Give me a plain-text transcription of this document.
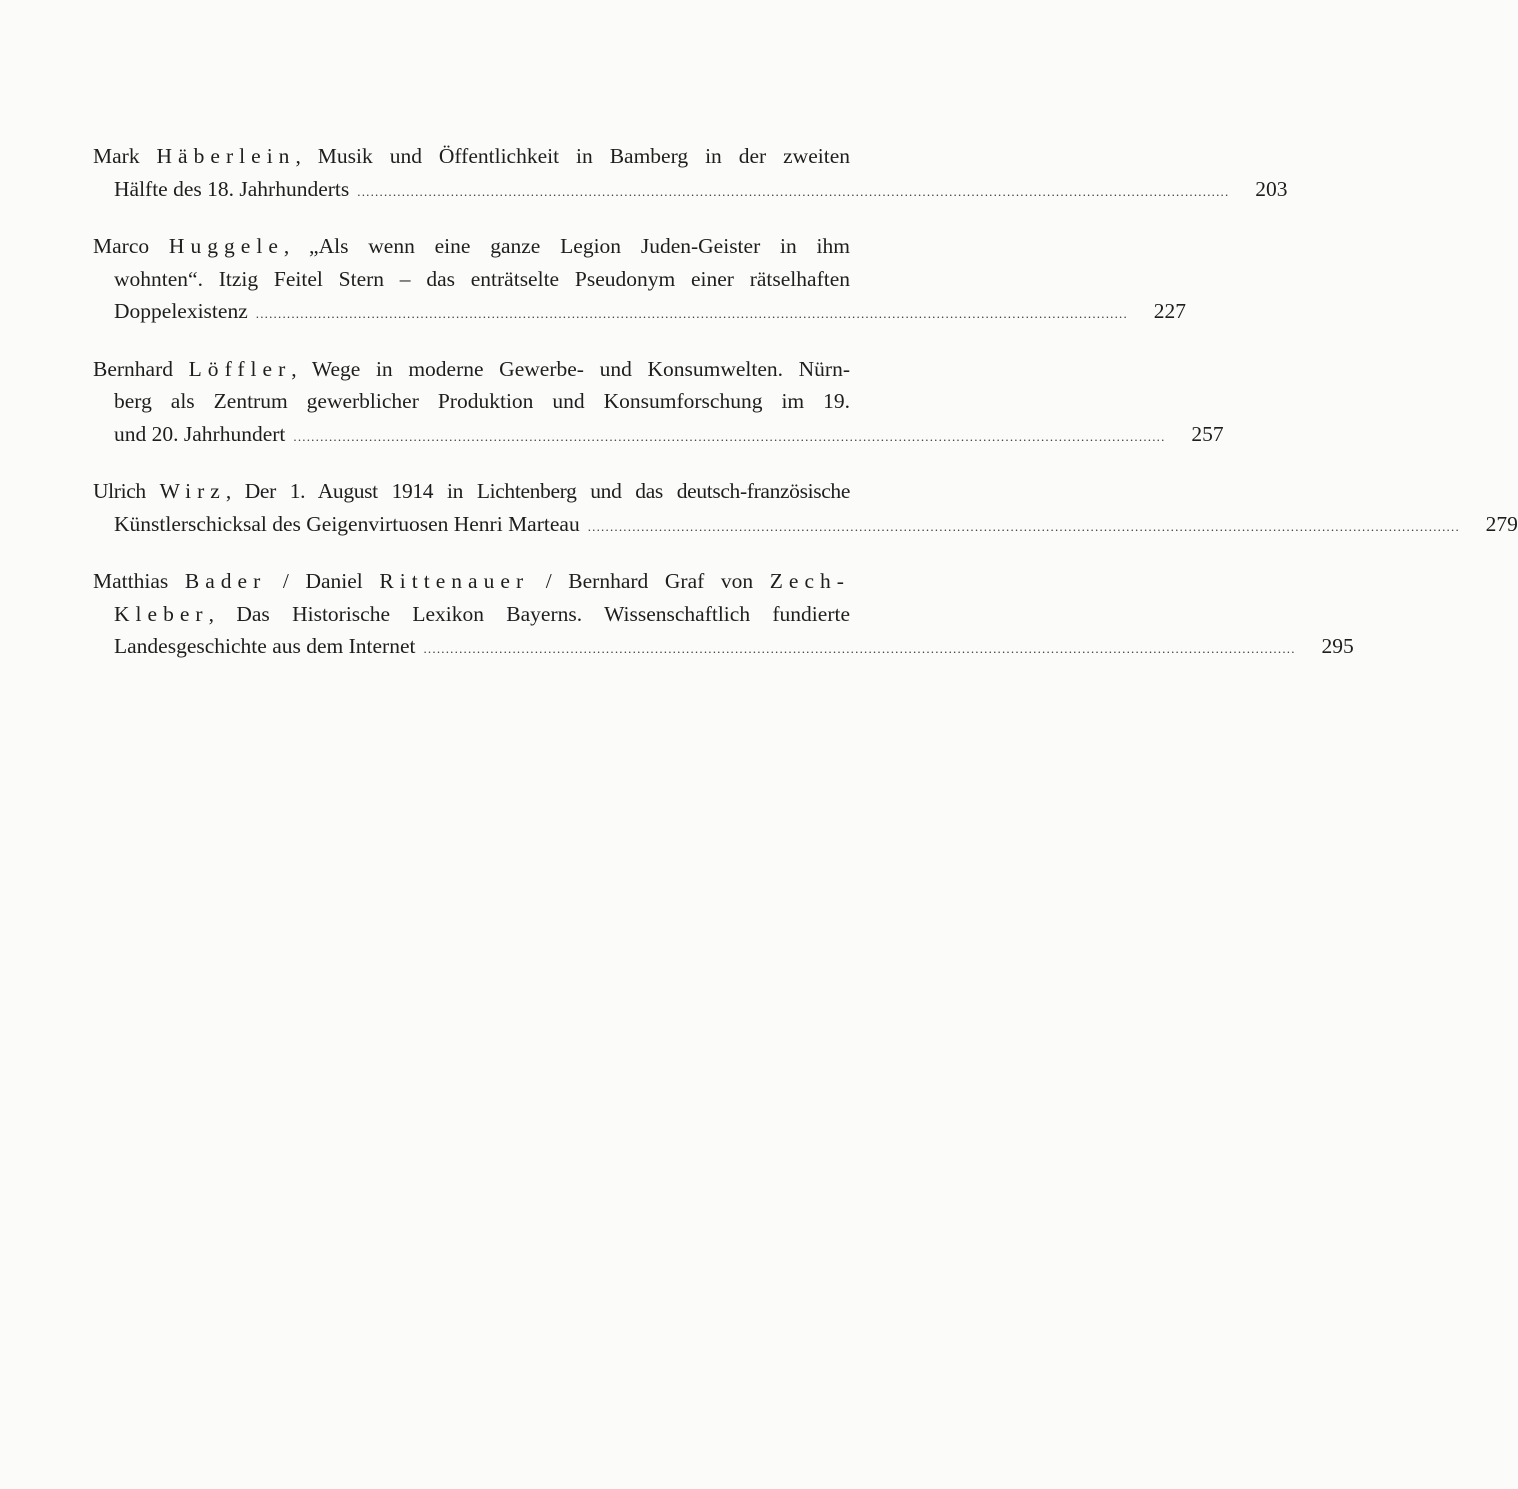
Mark Häberlein, Musik und Öffentlichkeit in Bamberg in der zweiten
Hälfte des 18. Jahrhunderts ....................................................................................................................................................................................................	203
Marco Huggele, „Als wenn eine ganze Legion Juden-Geister in ihm
wohnten“. Itzig Feitel Stern – das enträtselte Pseudonym einer rätselhaften
Doppelexistenz ....................................................................................................................................................................................................	227
Bernhard Löffler, Wege in moderne Gewerbe- und Konsumwelten. Nürn-
berg als Zentrum gewerblicher Produktion und Konsumforschung im 19.
und 20. Jahrhundert ....................................................................................................................................................................................................	257
Ulrich Wirz, Der 1. August 1914 in Lichtenberg und das deutsch-französische
Künstlerschicksal des Geigenvirtuosen Henri Marteau ....................................................................................................................................................................................................	279
Matthias Bader / Daniel Rittenauer / Bernhard Graf von Zech-
Kleber, Das Historische Lexikon Bayerns. Wissenschaftlich fundierte
Landesgeschichte aus dem Internet ....................................................................................................................................................................................................	295
